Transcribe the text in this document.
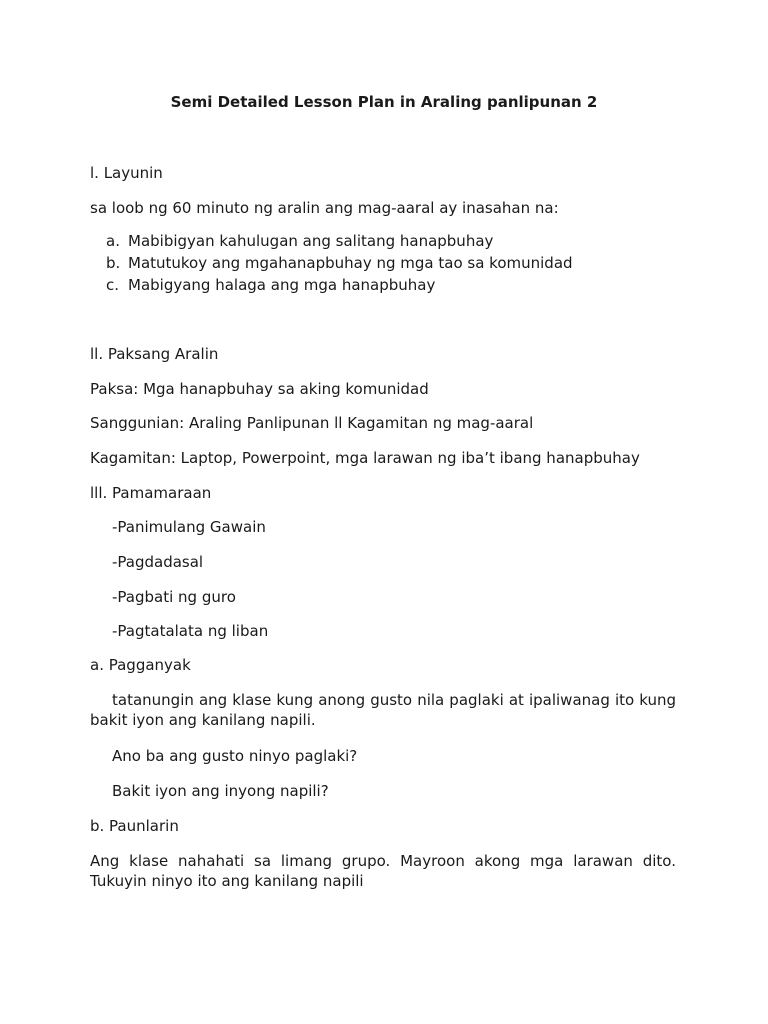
Semi Detailed Lesson Plan in Araling panlipunan 2
l. Layunin
sa loob ng 60 minuto ng aralin ang mag-aaral ay inasahan na:
a. Mabibigyan kahulugan ang salitang hanapbuhay
b. Matutukoy ang mgahanapbuhay ng mga tao sa komunidad
c. Mabigyang halaga ang mga hanapbuhay
ll. Paksang Aralin
Paksa: Mga hanapbuhay sa aking komunidad
Sanggunian: Araling Panlipunan ll Kagamitan ng mag-aaral
Kagamitan: Laptop, Powerpoint, mga larawan ng iba’t ibang hanapbuhay
lll. Pamamaraan
-Panimulang Gawain
-Pagdadasal
-Pagbati ng guro
-Pagtatalata ng liban
a. Pagganyak
tatanungin ang klase kung anong gusto nila paglaki at ipaliwanag ito kung bakit iyon ang kanilang napili.
Ano ba ang gusto ninyo paglaki?
Bakit iyon ang inyong napili?
b. Paunlarin
Ang klase nahahati sa limang grupo. Mayroon akong mga larawan dito. Tukuyin ninyo ito ang kanilang napili
